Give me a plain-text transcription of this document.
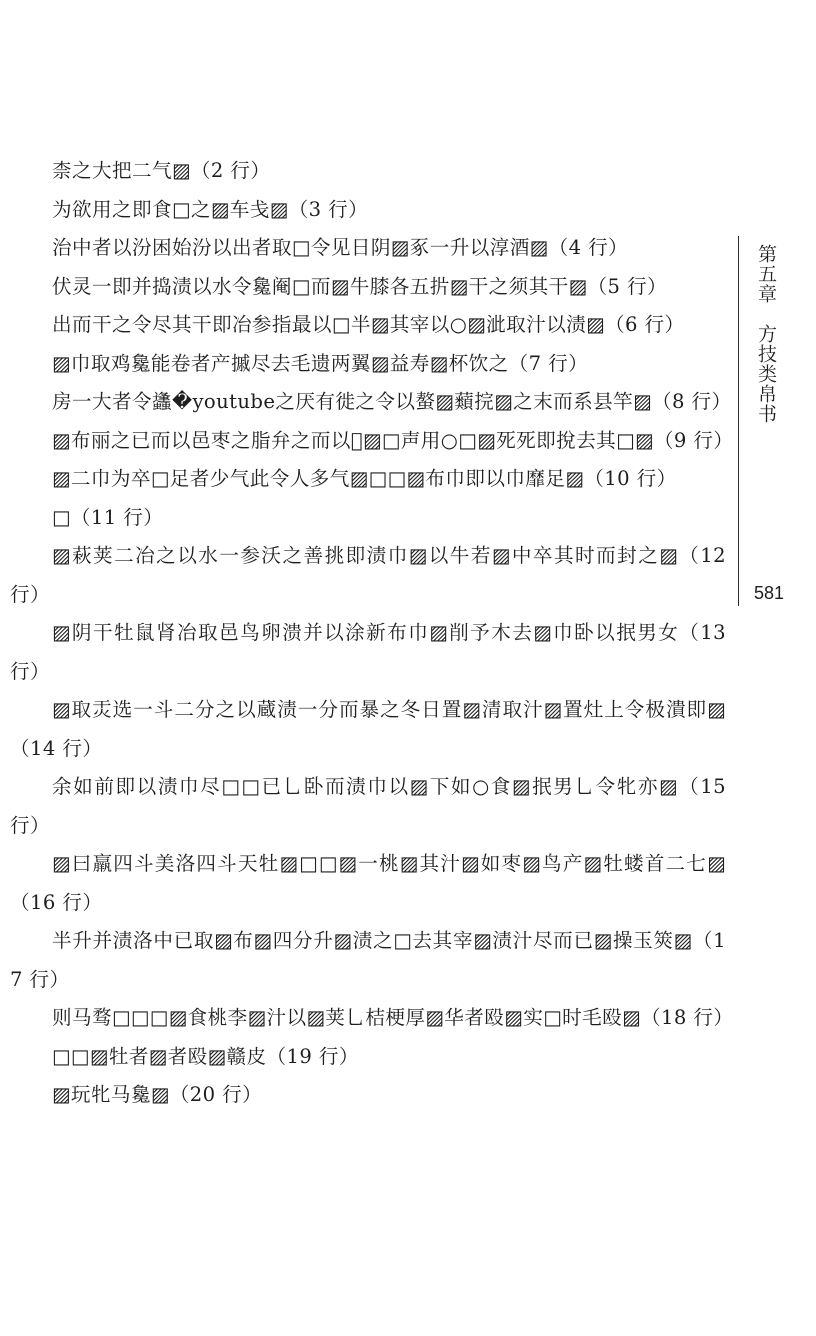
柰之大把二气▨（2 行）

为欲用之即食□之▨车戋▨（3 行）

治中者以汾困始汾以出者取□令见日阴▨豖一升以淳酒▨（4 行）

伏灵一即并捣渍以水令毚阉□而▨牛膝各五扸▨干之须其干▨（5 行）

出而干之令尽其干即冶参指最以□半▨其宰以○▨泚取汁以渍▨（6 行）

▨巾取鸡毚能卷者产摵尽去毛遗两翼▨益寿▨杯饮之（7 行）

房一大者令蠭�youtube之厌有徙之令以螯▨蘱捖▨之末而系县竿▨（8 行）

▨布丽之已而以邑枣之脂弁之而以𫚧▨□声用○□▨死死即挩去其□▨（9 行）

▨二巾为卒□足者少气此令人多气▨□□▨布巾即以巾靡足▨（10 行）

□（11 行）

▨萩荚二冶之以水一参沃之善挑即渍巾▨以牛若▨中卒其时而封之▨（12 行）

▨阴干牡鼠肾冶取邑鸟卵溃并以涂新布巾▨削予木去▨巾卧以抿男女（13 行）

▨取㶣选一斗二分之以蔵渍一分而暴之冬日置▨清取汁▨置灶上令极潰即▨（14 行）

余如前即以渍巾尽□□已乚卧而渍巾以▨下如○食▨抿男乚令牝亦▨（15 行）

▨曰羸四斗美洛四斗天牡▨□□▨一桃▨其汁▨如枣▨鸟产▨牡蝼首二七▨（16 行）

半升并渍洛中已取▨布▨四分升▨渍之□去其宰▨渍汁尽而已▨操玉筴▨（17 行）

则马骛□□□▨食桃李▨汁以▨荚乚桔梗厚▨华者殴▨实□时毛殴▨（18 行）

□□▨牡者▨者殴▨赣皮（19 行）

▨玩牝马毚▨（20 行）

第五章　方技类帛书
581
